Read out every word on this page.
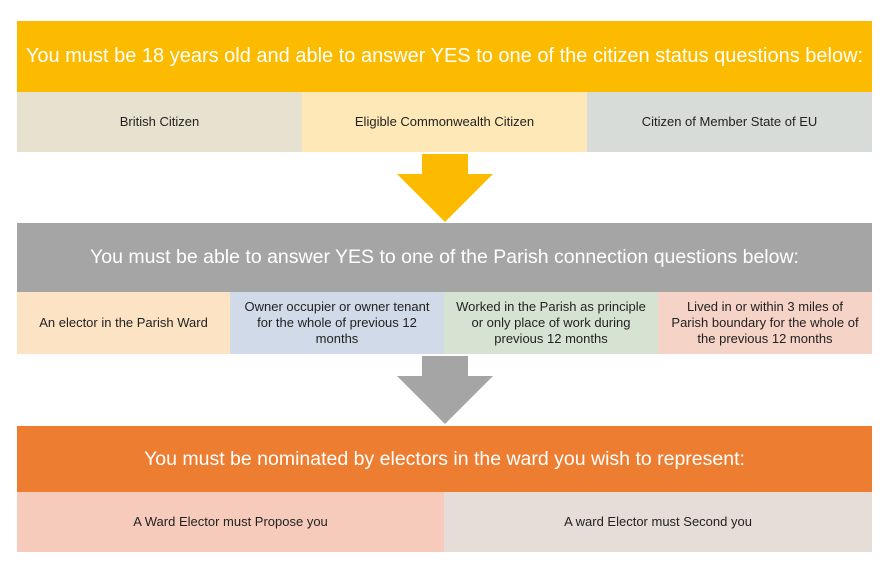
You must be 18 years old and able to answer YES to one of the citizen status questions below:
British Citizen	Eligible Commonwealth Citizen	Citizen of Member State of EU
You must be able to answer YES to one of the Parish connection questions below:
An elector in the Parish Ward
Owner occupier or owner tenant for the whole of previous 12 months
Worked in the Parish as principle or only place of work during previous 12 months
Lived in or within 3 miles of Parish boundary for the whole of the previous 12 months
You must be nominated by electors in the ward you wish to represent:
A Ward Elector must Propose you	A ward Elector must Second you
